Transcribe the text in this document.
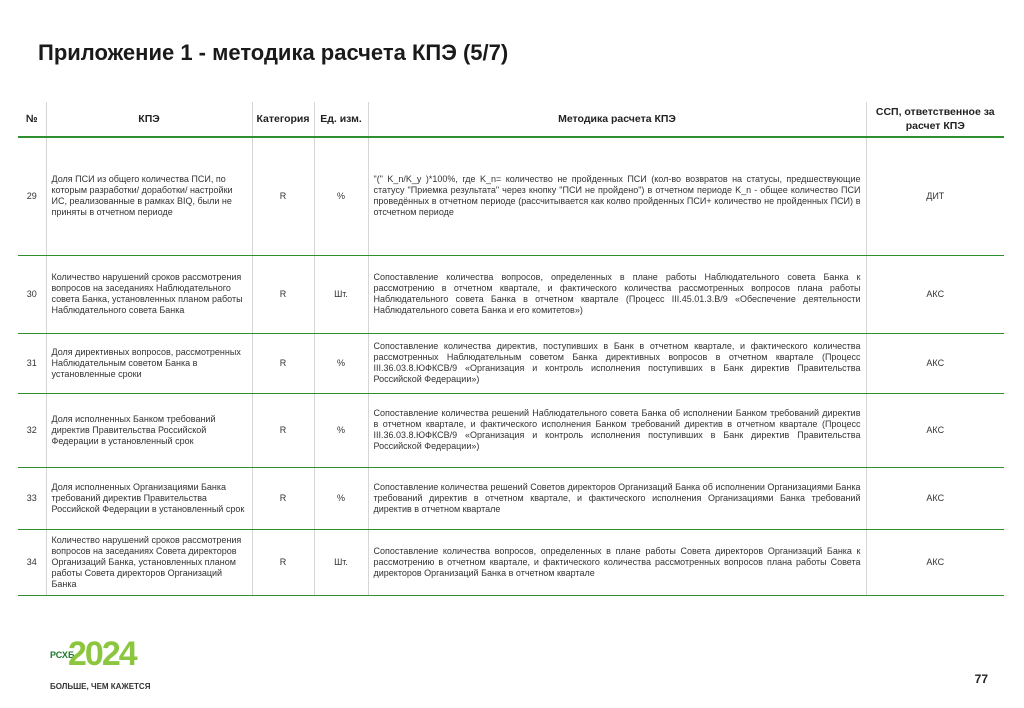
Приложение 1 - методика расчета КПЭ (5/7)
№	КПЭ	Категория	Ед. изм.	Методика расчета КПЭ	ССП, ответственное за расчет КПЭ
29	Доля ПСИ из общего количества ПСИ, по которым разработки/ доработки/ настройки ИС, реализованные в рамках BIQ, были не приняты в отчетном периоде	R	%	"(" K_n/K_y )*100%, где K_n= количество не пройденных ПСИ (кол-во возвратов на статусы, предшествующие статусу "Приемка результата" через кнопку "ПСИ не пройдено") в отчетном периоде K_n - общее количество ПСИ проведённых в отчетном периоде (рассчитывается как колво пройденных ПСИ+ количество не пройденных ПСИ) в отсчетном периоде	ДИТ
30	Количество нарушений сроков рассмотрения вопросов на заседаниях Наблюдательного совета Банка, установленных планом работы Наблюдательного совета Банка	R	Шт.	Сопоставление количества вопросов, определенных в плане работы Наблюдательного совета Банка к рассмотрению в отчетном квартале, и фактического количества рассмотренных вопросов плана работы Наблюдательного совета Банка в отчетном квартале (Процесс III.45.01.3.В/9 «Обеспечение деятельности Наблюдательного совета Банка и его комитетов»)	АКС
31	Доля директивных вопросов, рассмотренных Наблюдательным советом Банка в установленные сроки	R	%	Сопоставление количества директив, поступивших в Банк в отчетном квартале, и фактического количества рассмотренных Наблюдательным советом Банка директивных вопросов в отчетном квартале (Процесс III.36.03.8.ЮФКСВ/9 «Организация и контроль исполнения поступивших в Банк директив Правительства Российской Федерации»)	АКС
32	Доля исполненных Банком требований директив Правительства Российской Федерации в установленный срок	R	%	Сопоставление количества решений Наблюдательного совета Банка об исполнении Банком требований директив в отчетном квартале, и фактического исполнения Банком требований директив в отчетном квартале (Процесс III.36.03.8.ЮФКСВ/9 «Организация и контроль исполнения поступивших в Банк директив Правительства Российской Федерации»)	АКС
33	Доля исполненных Организациями Банка требований директив Правительства Российской Федерации в установленный срок	R	%	Сопоставление количества решений Советов директоров Организаций Банка об исполнении Организациями Банка требований директив в отчетном квартале, и фактического исполнения Организациями Банка требований директив в отчетном квартале	АКС
34	Количество нарушений сроков рассмотрения вопросов на заседаниях Совета директоров Организаций Банка, установленных планом работы Совета директоров Организаций Банка	R	Шт.	Сопоставление количества вопросов, определенных в плане работы Совета директоров Организаций Банка к рассмотрению в отчетном квартале, и фактического количества рассмотренных вопросов плана работы Совета директоров Организаций Банка в отчетном квартале	АКС
РСХБ
2024
БОЛЬШЕ, ЧЕМ КАЖЕТСЯ
77
